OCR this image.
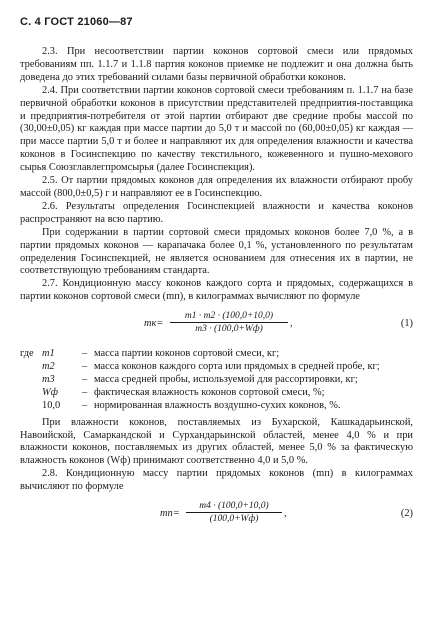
С. 4 ГОСТ 21060—87

2.3. При несоответствии партии коконов сортовой смеси или прядомых требованиям пп. 1.1.7 и 1.1.8 партия коконов приемке не подлежит и она должна быть доведена до этих требований силами базы первичной обработки коконов.

2.4. При соответствии партии коконов сортовой смеси требованиям п. 1.1.7 на базе первичной обработки коконов в присутствии представителей предприятия-поставщика и предприятия-потребителя от этой партии отбирают две средние пробы массой по (30,00±0,05) кг каждая при массе партии до 5,0 т и массой по (60,00±0,05) кг каждая — при массе партии 5,0 т и более и направляют их для определения влажности и качества коконов в Госинспекцию по качеству текстильного, кожевенного и пушно-мехового сырья Союзглавлегпромсырья (далее Госинспекция).

2.5. От партии прядомых коконов для определения их влажности отбирают пробу массой (800,0±0,5) г и направляют ее в Госинспекцию.

2.6. Результаты определения Госинспекцией влажности и качества коконов распространяют на всю партию.

При содержании в партии сортовой смеси прядомых коконов более 7,0 %, а в партии прядомых коконов — карапачака более 0,1 %, установленного по результатам определения Госинспекцией, не является основанием для отнесения их в партии, не соответствующую требованиям стандарта.

2.7. Кондиционную массу коконов каждого сорта и прядомых, содержащихся в партии коконов сортовой смеси (mп), в килограммах вычисляют по формуле

mк=
m1 · m2 · (100,0+10,0)
m3 · (100,0+Wф)	,	(1)
где m1	– масса партии коконов сортовой смеси, кг;
m2	– масса коконов каждого сорта или прядомых в средней пробе, кг;
m3	– масса средней пробы, используемой для рассортировки, кг;
Wф	– фактическая влажность коконов сортовой смеси, %;
10,0	– нормированная влажность воздушно-сухих коконов, %.

При влажности коконов, поставляемых из Бухарской, Кашкадарьинской, Навоийской, Самаркандской и Сурхандарьинской областей, менее 4,0 % и при влажности коконов, поставляемых из других областей, менее 5,0 % за фактическую влажность коконов (Wф) принимают соответственно 4,0 и 5,0 %.

2.8. Кондиционную массу партии прядомых коконов (mп) в килограммах вычисляют по формуле

mп=
m4 · (100,0+10,0)
(100,0+Wф)	,	(2)
